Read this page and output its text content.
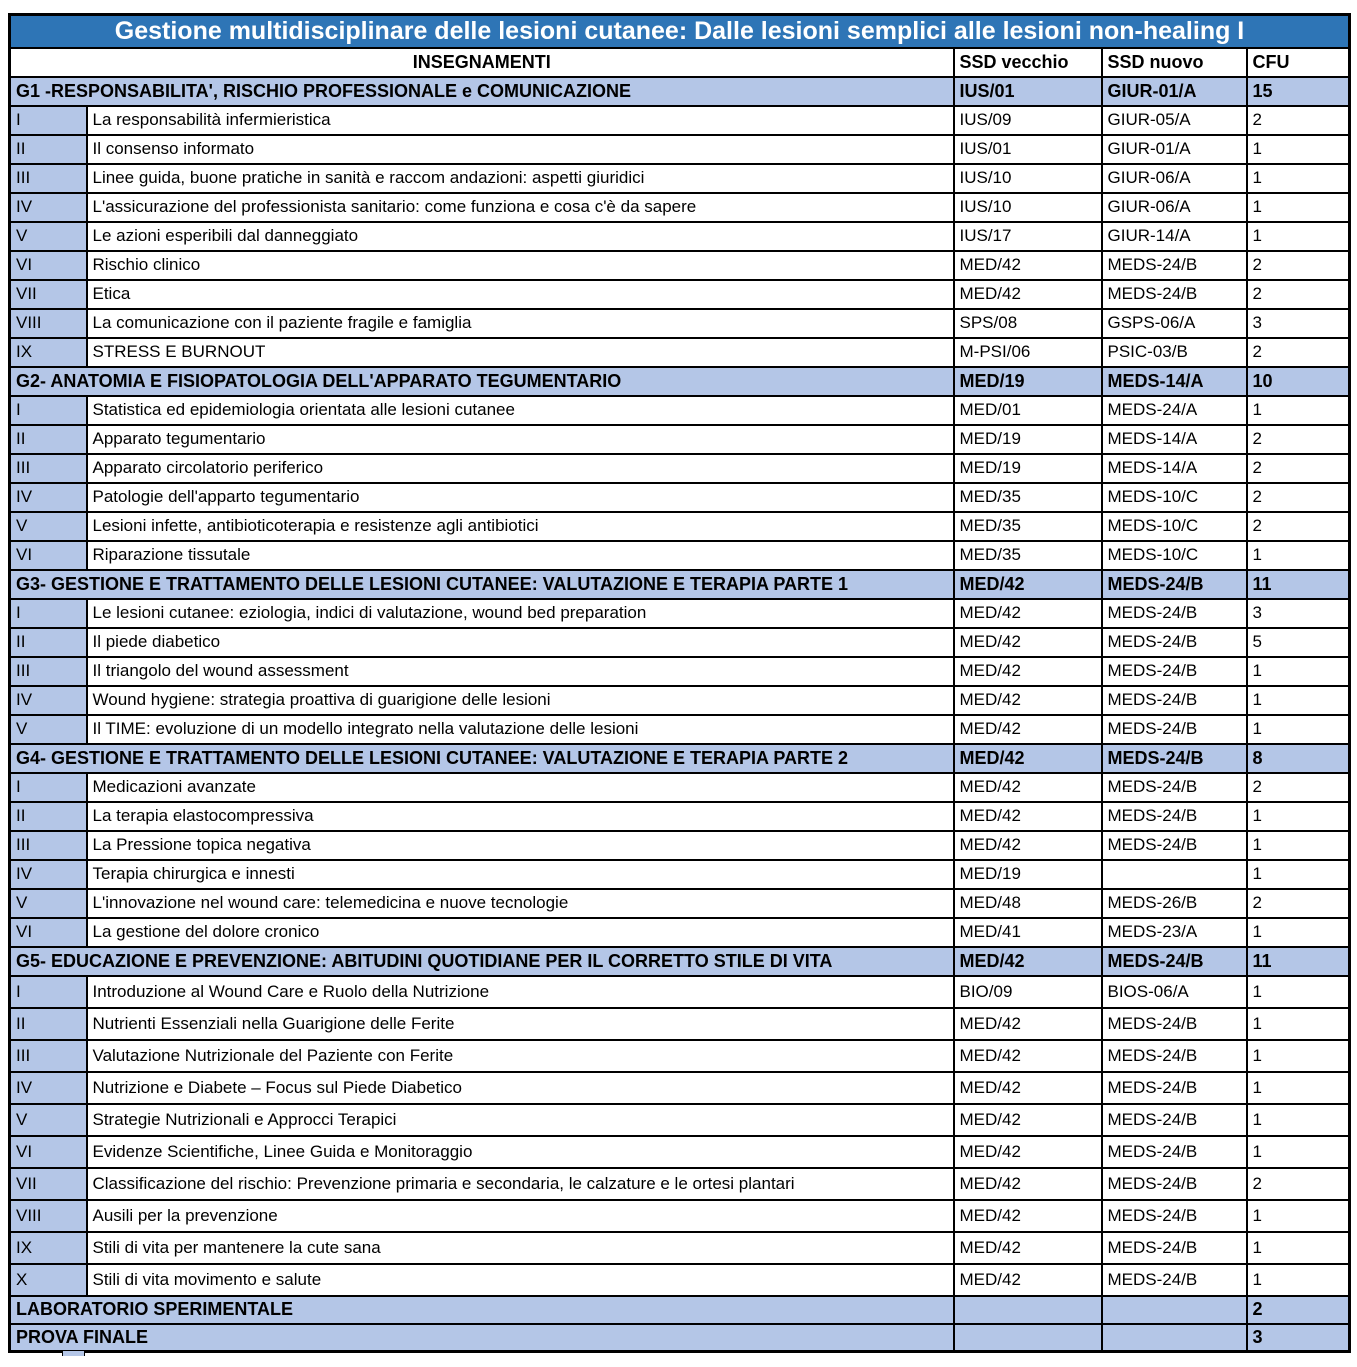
Gestione multidisciplinare delle lesioni cutanee: Dalle lesioni semplici alle lesioni non-healing I				
INSEGNAMENTI		SSD vecchio	SSD nuovo	CFU
G1 -RESPONSABILITA', RISCHIO PROFESSIONALE e COMUNICAZIONE		IUS/01	GIUR-01/A	15
I	La responsabilità infermieristica	IUS/09	GIUR-05/A	2
II	Il consenso informato	IUS/01	GIUR-01/A	1
III	Linee guida, buone pratiche in sanità e raccom andazioni: aspetti giuridici	IUS/10	GIUR-06/A	1
IV	L'assicurazione del professionista sanitario: come funziona e cosa c'è da sapere	IUS/10	GIUR-06/A	1
V	Le azioni esperibili dal danneggiato	IUS/17	GIUR-14/A	1
VI	Rischio clinico	MED/42	MEDS-24/B	2
VII	Etica	MED/42	MEDS-24/B	2
VIII	La comunicazione con il paziente fragile e famiglia	SPS/08	GSPS-06/A	3
IX	STRESS E BURNOUT	M-PSI/06	PSIC-03/B	2
G2- ANATOMIA E FISIOPATOLOGIA DELL'APPARATO TEGUMENTARIO		MED/19	MEDS-14/A	10
I	Statistica ed epidemiologia orientata alle lesioni cutanee	MED/01	MEDS-24/A	1
II	Apparato tegumentario	MED/19	MEDS-14/A	2
III	Apparato circolatorio periferico	MED/19	MEDS-14/A	2
IV	Patologie dell'apparto tegumentario	MED/35	MEDS-10/C	2
V	Lesioni infette, antibioticoterapia e resistenze agli antibiotici	MED/35	MEDS-10/C	2
VI	Riparazione tissutale	MED/35	MEDS-10/C	1
G3- GESTIONE E TRATTAMENTO DELLE LESIONI CUTANEE: VALUTAZIONE E TERAPIA PARTE 1		MED/42	MEDS-24/B	11
I	Le lesioni cutanee: eziologia, indici di valutazione, wound bed preparation	MED/42	MEDS-24/B	3
II	Il piede diabetico	MED/42	MEDS-24/B	5
III	Il triangolo del wound assessment	MED/42	MEDS-24/B	1
IV	Wound hygiene: strategia proattiva di guarigione delle lesioni	MED/42	MEDS-24/B	1
V	Il TIME: evoluzione di un modello integrato nella valutazione delle lesioni	MED/42	MEDS-24/B	1
G4- GESTIONE E TRATTAMENTO DELLE LESIONI CUTANEE: VALUTAZIONE E TERAPIA PARTE 2		MED/42	MEDS-24/B	8
I	Medicazioni avanzate	MED/42	MEDS-24/B	2
II	La terapia elastocompressiva	MED/42	MEDS-24/B	1
III	La Pressione topica negativa	MED/42	MEDS-24/B	1
IV	Terapia chirurgica e innesti	MED/19		1
V	L'innovazione nel wound care: telemedicina e nuove tecnologie	MED/48	MEDS-26/B	2
VI	La gestione del dolore cronico	MED/41	MEDS-23/A	1
G5- EDUCAZIONE E PREVENZIONE: ABITUDINI QUOTIDIANE PER IL CORRETTO STILE DI VITA		MED/42	MEDS-24/B	11
I	Introduzione al Wound Care e Ruolo della Nutrizione	BIO/09	BIOS-06/A	1
II	Nutrienti Essenziali nella Guarigione delle Ferite	MED/42	MEDS-24/B	1
III	Valutazione Nutrizionale del Paziente con Ferite	MED/42	MEDS-24/B	1
IV	Nutrizione e Diabete – Focus sul Piede Diabetico	MED/42	MEDS-24/B	1
V	Strategie Nutrizionali e Approcci Terapici	MED/42	MEDS-24/B	1
VI	Evidenze Scientifiche, Linee Guida e Monitoraggio	MED/42	MEDS-24/B	1
VII	Classificazione del rischio: Prevenzione primaria e secondaria, le calzature e le ortesi plantari	MED/42	MEDS-24/B	2
VIII	Ausili per la prevenzione	MED/42	MEDS-24/B	1
IX	Stili di vita per mantenere la cute sana	MED/42	MEDS-24/B	1
X	Stili di vita movimento e salute	MED/42	MEDS-24/B	1
LABORATORIO SPERIMENTALE				2
PROVA FINALE				3
